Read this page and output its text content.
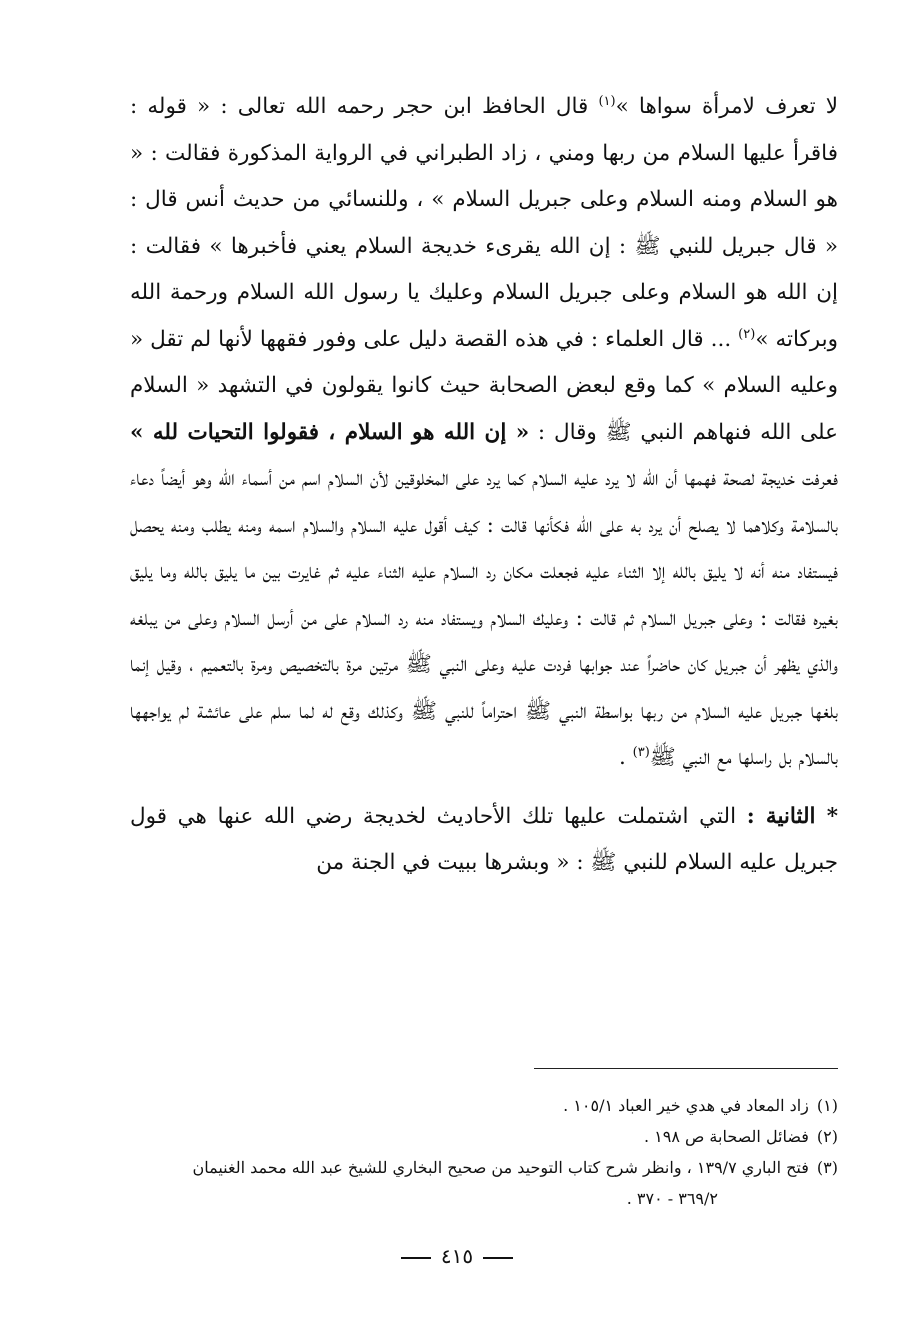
لا تعرف لامرأة سواها »$^{(١)}$ قال الحافظ ابن حجر رحمه الله تعالى : « قوله : فاقرأ عليها السلام من ربها ومني ، زاد الطبراني في الرواية المذكورة فقالت : « هو السلام ومنه السلام وعلى جبريل السلام » ، وللنسائي من حديث أنس قال : « قال جبريل للنبي ﷺ : إن الله يقرىء خديجة السلام يعني فأخبرها » فقالت : إن الله هو السلام وعلى جبريل السلام وعليك يا رسول الله السلام ورحمة الله وبركاته »$^{(٢)}$ ... قال العلماء : في هذه القصة دليل على وفور فقهها لأنها لم تقل « وعليه السلام » كما وقع لبعض الصحابة حيث كانوا يقولون في التشهد « السلام على الله فنهاهم النبي ﷺ وقال : « إن الله هو السلام ، فقولوا التحيات لله » فعرفت خديجة لصحة فهمها أن الله لا يرد عليه السلام كما يرد على المخلوقين لأن السلام اسم من أسماء الله وهو أيضاً دعاء بالسلامة وكلاهما لا يصلح أن يرد به على الله فكأنها قالت : كيف أقول عليه السلام والسلام اسمه ومنه يطلب ومنه يحصل فيستفاد منه أنه لا يليق بالله إلا الثناء عليه فجعلت مكان رد السلام عليه الثناء عليه ثم غايرت بين ما يليق بالله وما يليق بغيره فقالت : وعلى جبريل السلام ثم قالت : وعليك السلام ويستفاد منه رد السلام على من أرسل السلام وعلى من يبلغه والذي يظهر أن جبريل كان حاضراً عند جوابها فردت عليه وعلى النبي ﷺ مرتين مرة بالتخصيص ومرة بالتعميم ، وقيل إنما بلغها جبريل عليه السلام من ربها بواسطة النبي ﷺ احتراماً للنبي ﷺ وكذلك وقع له لما سلم على عائشة لم يواجهها بالسلام بل راسلها مع النبي ﷺ$^{(٣)}$ .

* الثانية : التي اشتملت عليها تلك الأحاديث لخديجة رضي الله عنها هي قول جبريل عليه السلام للنبي ﷺ : « وبشرها ببيت في الجنة من

(١)زاد المعاد في هدي خير العباد ١٠٥/١ .

(٢)فضائل الصحابة ص ١٩٨ .

(٣)فتح الباري ١٣٩/٧ ، وانظر شرح كتاب التوحيد من صحيح البخاري للشيخ عبد الله محمد الغنيمان
٣٦٩/٢ - ٣٧٠ .

٤١٥
